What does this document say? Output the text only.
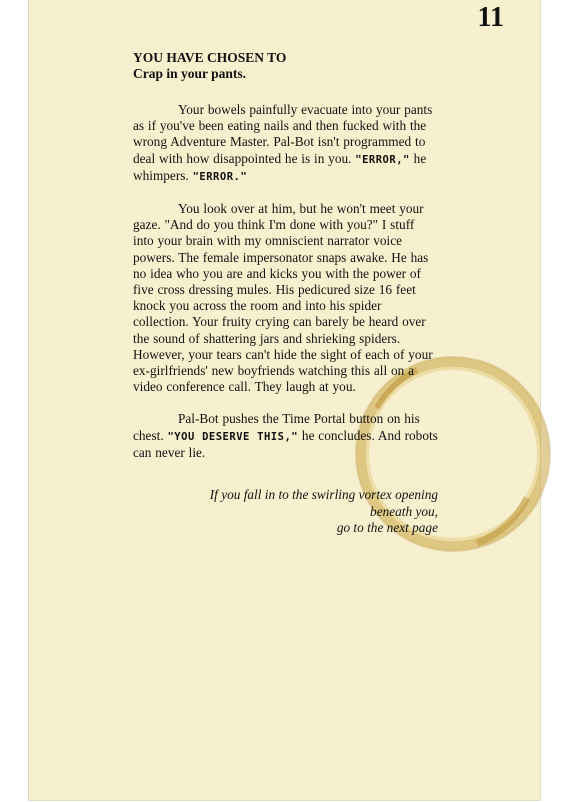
11

YOU HAVE CHOSEN TO

Crap in your pants.

Your bowels painfully evacuate into your pants as if you've been eating nails and then fucked with the wrong Adventure Master. Pal-Bot isn't programmed to deal with how disappointed he is in you. "ERROR," he whimpers. "ERROR."

You look over at him, but he won't meet your gaze. "And do you think I'm done with you?" I stuff into your brain with my omniscient narrator voice powers. The female impersonator snaps awake. He has no idea who you are and kicks you with the power of five cross dressing mules. His pedicured size 16 feet knock you across the room and into his spider collection. Your fruity crying can barely be heard over the sound of shattering jars and shrieking spiders. However, your tears can't hide the sight of each of your ex-girlfriends' new boyfriends watching this all on a video conference call. They laugh at you.

Pal-Bot pushes the Time Portal button on his chest. "YOU DESERVE THIS," he concludes. And robots can never lie.

If you fall in to the swirling vortex opening
beneath you,
go to the next page
